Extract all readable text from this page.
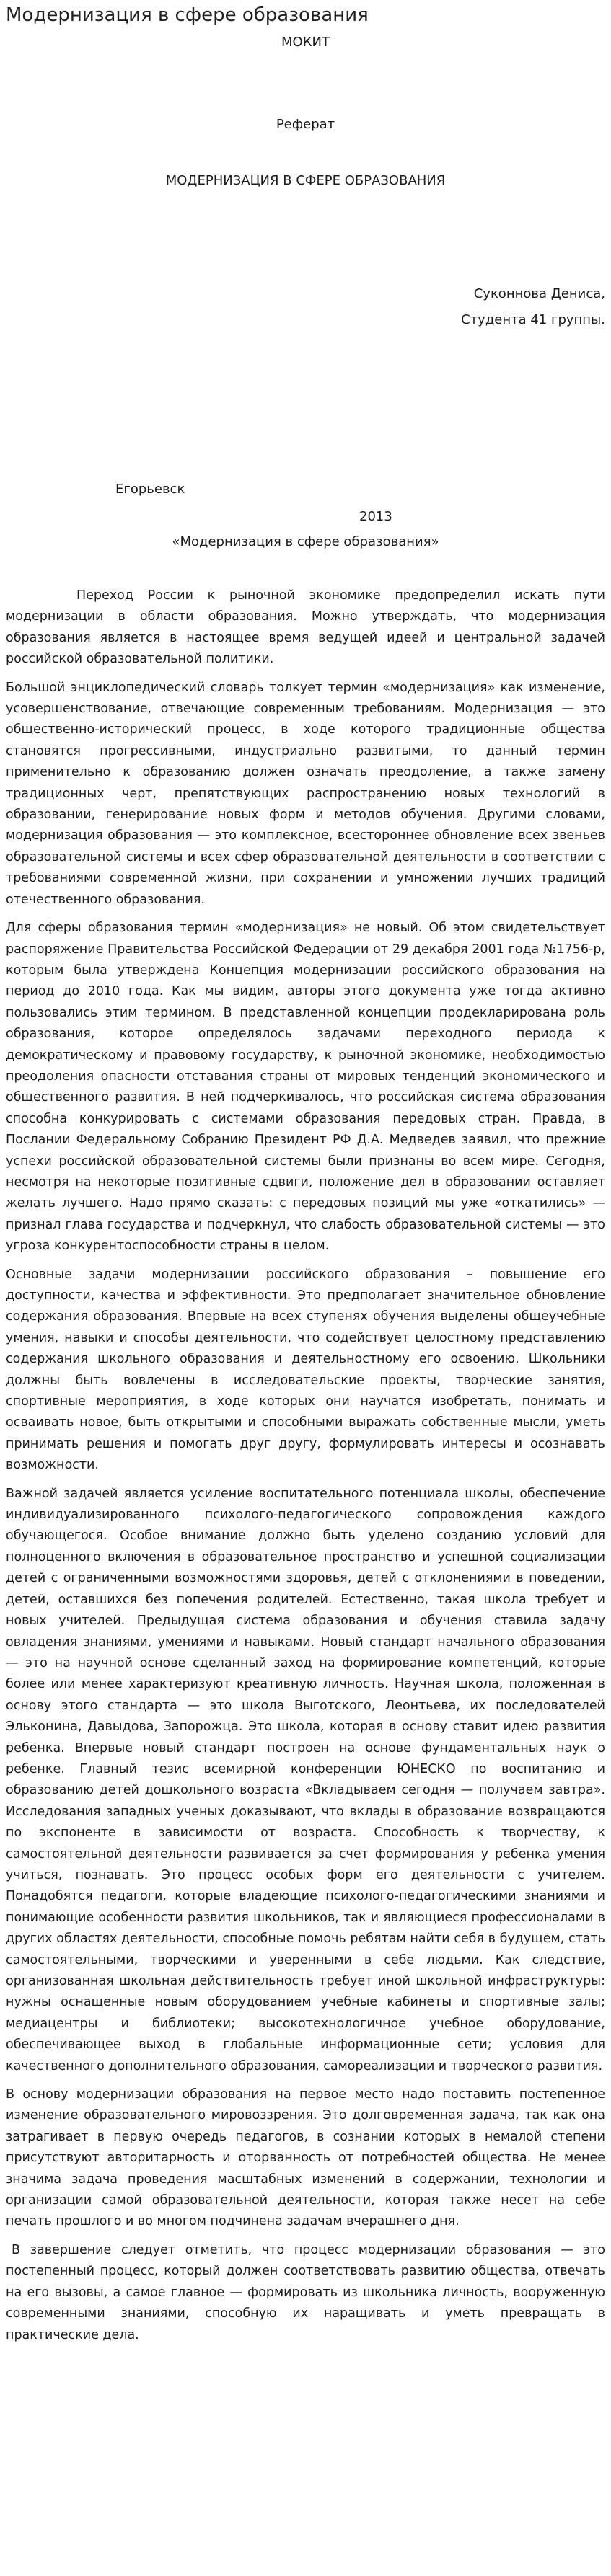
Модернизация в сфере образования
МОКИТ
Реферат
МОДЕРНИЗАЦИЯ В СФЕРЕ ОБРАЗОВАНИЯ
Суконнова Дениса,
Студента 41 группы.
Егорьевск
2013
«Модернизация в сфере образования»

Переход России к рыночной экономике предопределил искать пути модернизации в области образования. Можно утверждать, что модернизация образования является в настоящее время ведущей идеей и центральной задачей российской образовательной политики.

Большой энциклопедический словарь толкует термин «модернизация» как изменение, усовершенствование, отвечающие современным требованиям. Модернизация — это общественно-исторический процесс, в ходе которого традиционные общества становятся прогрессивными, индустриально развитыми, то данный термин применительно к образованию должен означать преодоление, а также замену традиционных черт, препятствующих распространению новых технологий в образовании, генерирование новых форм и методов обучения. Другими словами, модернизация образования — это комплексное, всестороннее обновление всех звеньев образовательной системы и всех сфер образовательной деятельности в соответствии с требованиями современной жизни, при сохранении и умножении лучших традиций отечественного образования.

Для сферы образования термин «модернизация» не новый. Об этом свидетельствует распоряжение Правительства Российской Федерации от 29 декабря 2001 года №1756-р, которым была утверждена Концепция модернизации российского образования на период до 2010 года. Как мы видим, авторы этого документа уже тогда активно пользовались этим термином. В представленной концепции продекларирована роль образования, которое определялось задачами переходного периода к демократическому и правовому государству, к рыночной экономике, необходимостью преодоления опасности отставания страны от мировых тенденций экономического и общественного развития. В ней подчеркивалось, что российская система образования способна конкурировать с системами образования передовых стран. Правда, в Послании Федеральному Собранию Президент РФ Д.А. Медведев заявил, что прежние успехи российской образовательной системы были признаны во всем мире. Сегодня, несмотря на некоторые позитивные сдвиги, положение дел в образовании оставляет желать лучшего. Надо прямо сказать: с передовых позиций мы уже «откатились» — признал глава государства и подчеркнул, что слабость образовательной системы — это угроза конкурентоспособности страны в целом.

Основные задачи модернизации российского образования – повышение его доступности, качества и эффективности. Это предполагает значительное обновление содержания образования. Впервые на всех ступенях обучения выделены общеучебные умения, навыки и способы деятельности, что содействует целостному представлению содержания школьного образования и деятельностному его освоению. Школьники должны быть вовлечены в исследовательские проекты, творческие занятия, спортивные мероприятия, в ходе которых они научатся изобретать, понимать и осваивать новое, быть открытыми и способными выражать собственные мысли, уметь принимать решения и помогать друг другу, формулировать интересы и осознавать возможности.

Важной задачей является усиление воспитательного потенциала школы, обеспечение индивидуализированного психолого-педагогического сопровождения каждого обучающегося. Особое внимание должно быть уделено созданию условий для полноценного включения в образовательное пространство и успешной социализации детей с ограниченными возможностями здоровья, детей с отклонениями в поведении, детей, оставшихся без попечения родителей. Естественно, такая школа требует и новых учителей. Предыдущая система образования и обучения ставила задачу овладения знаниями, умениями и навыками. Новый стандарт начального образования — это на научной основе сделанный заход на формирование компетенций, которые более или менее характеризуют креативную личность. Научная школа, положенная в основу этого стандарта — это школа Выготского, Леонтьева, их последователей Эльконина, Давыдова, Запорожца. Это школа, которая в основу ставит идею развития ребенка. Впервые новый стандарт построен на основе фундаментальных наук о ребенке. Главный тезис всемирной конференции ЮНЕСКО по воспитанию и образованию детей дошкольного возраста «Вкладываем сегодня — получаем завтра». Исследования западных ученых доказывают, что вклады в образование возвращаются по экспоненте в зависимости от возраста. Способность к творчеству, к самостоятельной деятельности развивается за счет формирования у ребенка умения учиться, познавать. Это процесс особых форм его деятельности с учителем. Понадобятся педагоги, которые владеющие психолого-педагогическими знаниями и понимающие особенности развития школьников, так и являющиеся профессионалами в других областях деятельности, способные помочь ребятам найти себя в будущем, стать самостоятельными, творческими и уверенными в себе людьми. Как следствие, организованная школьная действительность требует иной школьной инфраструктуры: нужны оснащенные новым оборудованием учебные кабинеты и спортивные залы; медиацентры и библиотеки; высокотехнологичное учебное оборудование, обеспечивающее выход в глобальные информационные сети; условия для качественного дополнительного образования, самореализации и творческого развития.

В основу модернизации образования на первое место надо поставить постепенное изменение образовательного мировоззрения. Это долговременная задача, так как она затрагивает в первую очередь педагогов, в сознании которых в немалой степени присутствуют авторитарность и оторванность от потребностей общества. Не менее значима задача проведения масштабных изменений в содержании, технологии и организации самой образовательной деятельности, которая также несет на себе печать прошлого и во многом подчинена задачам вчерашнего дня.

В завершение следует отметить, что процесс модернизации образования — это постепенный процесс, который должен соответствовать развитию общества, отвечать на его вызовы, а самое главное — формировать из школьника личность, вооруженную современными знаниями, способную их наращивать и уметь превращать в практические дела.
